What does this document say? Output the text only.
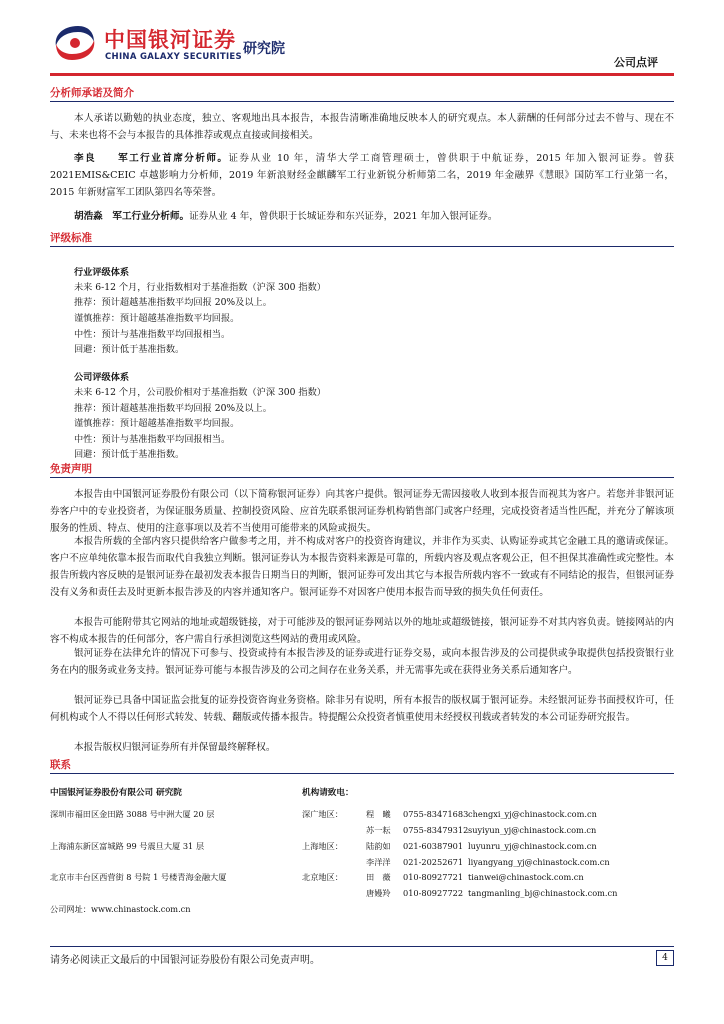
中国银河证券
CHINA GALAXY SECURITIES 研究院
公司点评
分析师承诺及简介
本人承诺以勤勉的执业态度，独立、客观地出具本报告，本报告清晰准确地反映本人的研究观点。本人薪酬的任何部分过去不曾与、现在不与、未来也将不会与本报告的具体推荐或观点直接或间接相关。
李良　　 军工行业首席分析师。证券从业 10 年，清华大学工商管理硕士，曾供职于中航证券，2015 年加入银河证券。曾获2021EMIS&CEIC 卓越影响力分析师，2019 年新浪财经金麒麟军工行业新锐分析师第二名，2019 年金融界《慧眼》国防军工行业第一名，2015 年新财富军工团队第四名等荣誉。
胡浩淼　 军工行业分析师。证券从业 4 年，曾供职于长城证券和东兴证券，2021 年加入银河证券。
评级标准
行业评级体系
未来 6-12 个月，行业指数相对于基准指数（沪深 300 指数）
推荐：预计超越基准指数平均回报 20%及以上。
谨慎推荐：预计超越基准指数平均回报。
中性：预计与基准指数平均回报相当。
回避：预计低于基准指数。
公司评级体系
未来 6-12 个月，公司股价相对于基准指数（沪深 300 指数）
推荐：预计超越基准指数平均回报 20%及以上。
谨慎推荐：预计超越基准指数平均回报。
中性：预计与基准指数平均回报相当。
回避：预计低于基准指数。
免责声明
本报告由中国银河证券股份有限公司（以下简称银河证券）向其客户提供。银河证券无需因接收人收到本报告而视其为客户。若您并非银河证券客户中的专业投资者，为保证服务质量、控制投资风险、应首先联系银河证券机构销售部门或客户经理，完成投资者适当性匹配，并充分了解该项服务的性质、特点、使用的注意事项以及若不当使用可能带来的风险或损失。
本报告所载的全部内容只提供给客户做参考之用，并不构成对客户的投资咨询建议，并非作为买卖、认购证券或其它金融工具的邀请或保证。客户不应单纯依靠本报告而取代自我独立判断。银河证券认为本报告资料来源是可靠的，所载内容及观点客观公正，但不担保其准确性或完整性。本报告所载内容反映的是银河证券在最初发表本报告日期当日的判断，银河证券可发出其它与本报告所载内容不一致或有不同结论的报告，但银河证券没有义务和责任去及时更新本报告涉及的内容并通知客户。银河证券不对因客户使用本报告而导致的损失负任何责任。
本报告可能附带其它网站的地址或超级链接，对于可能涉及的银河证券网站以外的地址或超级链接，银河证券不对其内容负责。链接网站的内容不构成本报告的任何部分，客户需自行承担浏览这些网站的费用或风险。
银河证券在法律允许的情况下可参与、投资或持有本报告涉及的证券或进行证券交易，或向本报告涉及的公司提供或争取提供包括投资银行业务在内的服务或业务支持。银河证券可能与本报告涉及的公司之间存在业务关系，并无需事先或在获得业务关系后通知客户。
银河证券已具备中国证监会批复的证券投资咨询业务资格。除非另有说明，所有本报告的版权属于银河证券。未经银河证券书面授权许可，任何机构或个人不得以任何形式转发、转载、翻版或传播本报告。特提醒公众投资者慎重使用未经授权刊载或者转发的本公司证券研究报告。
本报告版权归银河证券所有并保留最终解释权。
联系
中国银河证券股份有限公司 研究院
深圳市福田区金田路 3088 号中洲大厦 20 层
上海浦东新区富城路 99 号震旦大厦 31 层
北京市丰台区西营街 8 号院 1 号楼青海金融大厦
公司网址：www.chinastock.com.cn
机构请致电：
深广地区：	程　曦 0755-83471683 chengxi_yj@chinastock.com.cn
苏一耘 0755-83479312 suyiyun_yj@chinastock.com.cn
上海地区：	陆韵如 021-60387901 luyunru_yj@chinastock.com.cn
李洋洋 021-20252671 liyangyang_yj@chinastock.com.cn
北京地区：	田　薇 010-80927721 tianwei@chinastock.com.cn
唐嫚羚 010-80927722 tangmanling_bj@chinastock.com.cn
请务必阅读正文最后的中国银河证券股份有限公司免责声明。	4
